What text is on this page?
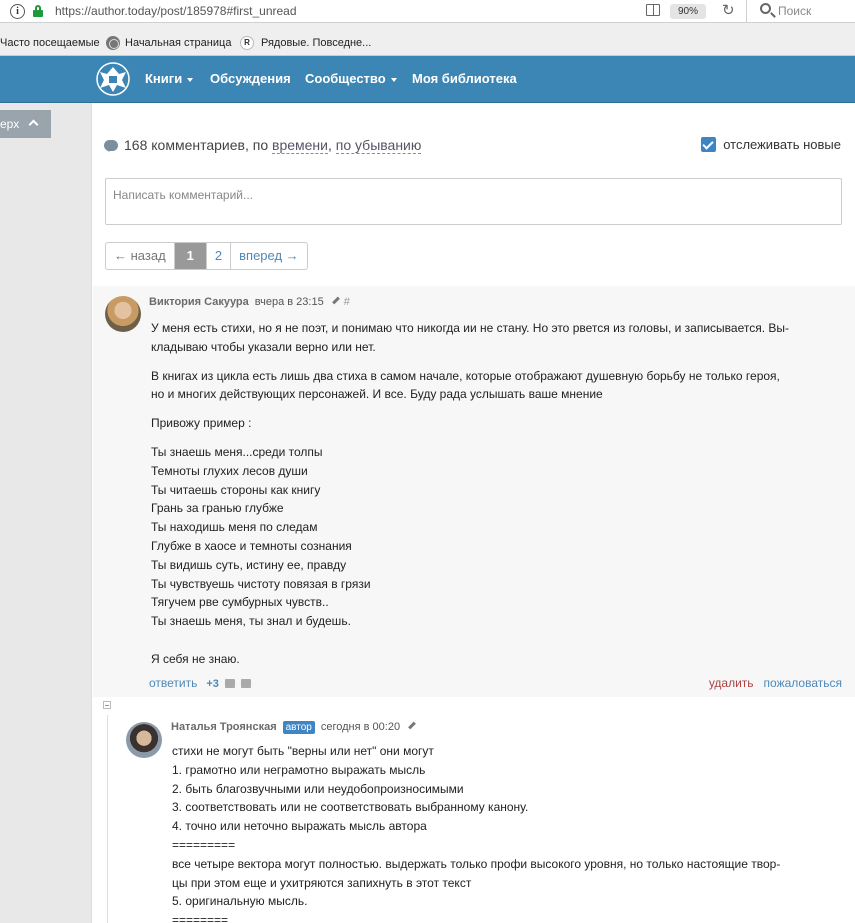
i	https://author.today/post/185978#first_unread	90%	↻	Поиск
Часто посещаемые Начальная страница	R	Рядовые. Повседне...
Книги	Обсуждения Сообщество	Моя библиотека
ерх
168 комментариев, по времени, по убыванию	отслеживать новые
Написать комментарий...
← назад	1	2	вперед →
Виктория Сакуура вчера в 23:15 #

У меня есть стихи, но я не поэт, и понимаю что никогда ии не стану. Но это рвется из головы, и записывается. Вы-

кладываю чтобы указали верно или нет.

В книгах из цикла есть лишь два стиха в самом начале, которые отображают душевную борьбу не только героя,

но и многих действующих персонажей. И все. Буду рада услышать ваше мнение

Привожу пример :

Ты знаешь меня...среди толпы

Темноты глухих лесов души

Ты читаешь стороны как книгу

Грань за гранью глубже

Ты находишь меня по следам

Глубже в хаосе и темноты сознания

Ты видишь суть, истину ее, правду

Ты чувствуешь чистоту повязая в грязи

Тягучем рве сумбурных чувств..

Ты знаешь меня, ты знал и будешь.

Я себя не знаю.

ответить +3	удалить пожаловаться
Наталья Троянская автор сегодня в 00:20

стихи не могут быть "верны или нет" они могут

1. грамотно или неграмотно выражать мысль

2. быть благозвучными или неудобопроизносимыми

3. соответствовать или не соответствовать выбранному канону.

4. точно или неточно выражать мысль автора

=========

все четыре вектора могут полностью. выдержать только профи высокого уровня, но только настоящие твор-

цы при этом еще и ухитряются запихнуть в этот текст

5. оригинальную мысль.

========
